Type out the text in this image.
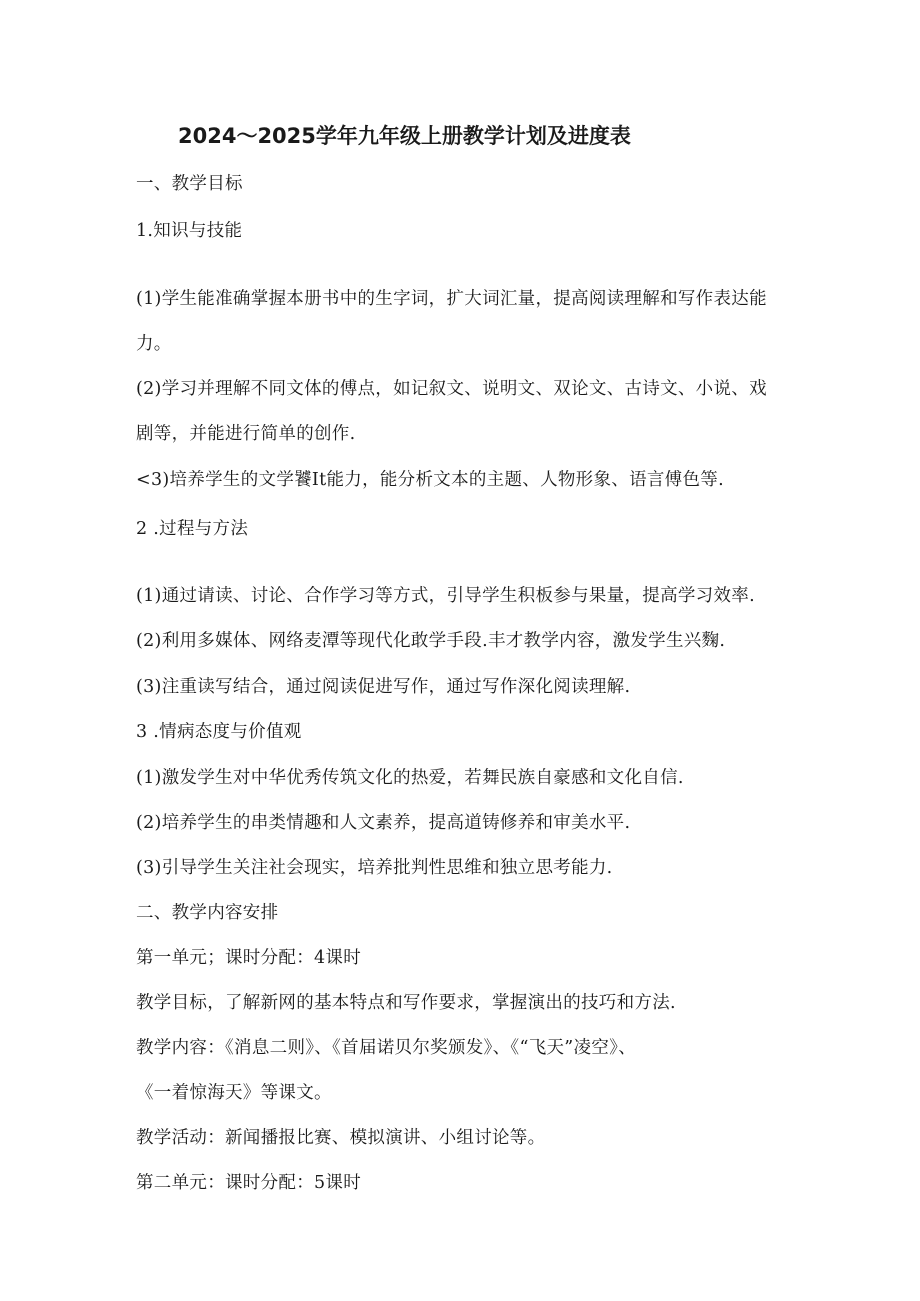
2024～2025学年九年级上册教学计划及进度表
一、教学目标
1.知识与技能
(1)学生能准确掌握本册书中的生字词，扩大词汇量，提高阅读理解和写作表达能
力。
(2)学习并理解不同文体的傅点，如记叙文、说明文、双论文、古诗文、小说、戏
剧等，并能进行简单的创作.
<3)培养学生的文学饕It能力，能分析文本的主题、人物形象、语言傅色等.
2 .过程与方法
(1)通过请读、讨论、合作学习等方式，引导学生积板参与果量，提高学习效率.
(2)利用多媒体、网络麦潭等现代化敢学手段.丰才教学内容，激发学生兴麴.
(3)注重读写结合，通过阅读促进写作，通过写作深化阅读理解.
3 .情病态度与价值观
(1)激发学生对中华优秀传筑文化的热爱，若舞民族自豪感和文化自信.
(2)培养学生的串类情趣和人文素养，提高道铸修养和审美水平.
(3)引导学生关注社会现实，培养批判性思维和独立思考能力.
二、教学内容安排
第一单元；课时分配：4课时
教学目标，了解新网的基本特点和写作要求，掌握演出的技巧和方法.
教学内容：《消息二则》、《首届诺贝尔奖颁发》、《“飞天”凌空》、
《一着惊海天》等课文。
教学活动：新闻播报比赛、模拟演讲、小组讨论等。
第二单元：课时分配：5课时
